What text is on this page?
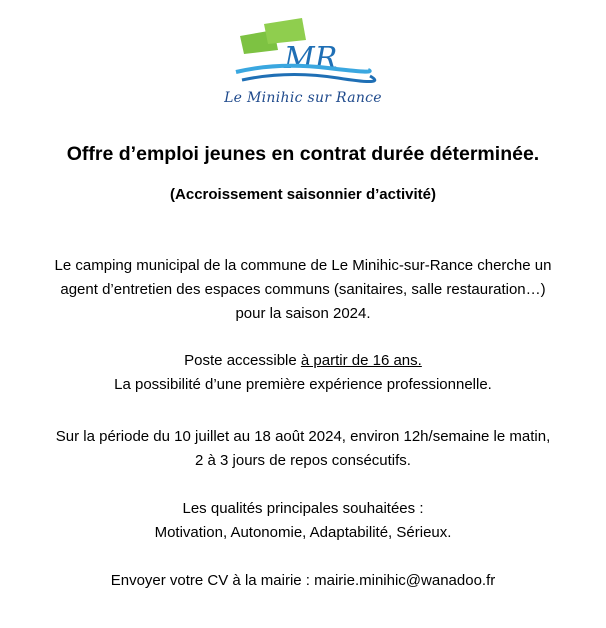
MR
Le Minihic sur Rance
Offre d’emploi jeunes en contrat durée déterminée.
(Accroissement saisonnier d’activité)
Le camping municipal de la commune de Le Minihic-sur-Rance cherche un
agent d’entretien des espaces communs (sanitaires, salle restauration…)
pour la saison 2024.
Poste accessible à partir de 16 ans.
La possibilité d’une première expérience professionnelle.
Sur la période du 10 juillet au 18 août 2024, environ 12h/semaine le matin,
2 à 3 jours de repos consécutifs.
Les qualités principales souhaitées :
Motivation, Autonomie, Adaptabilité, Sérieux.
Envoyer votre CV à la mairie : mairie.minihic@wanadoo.fr
